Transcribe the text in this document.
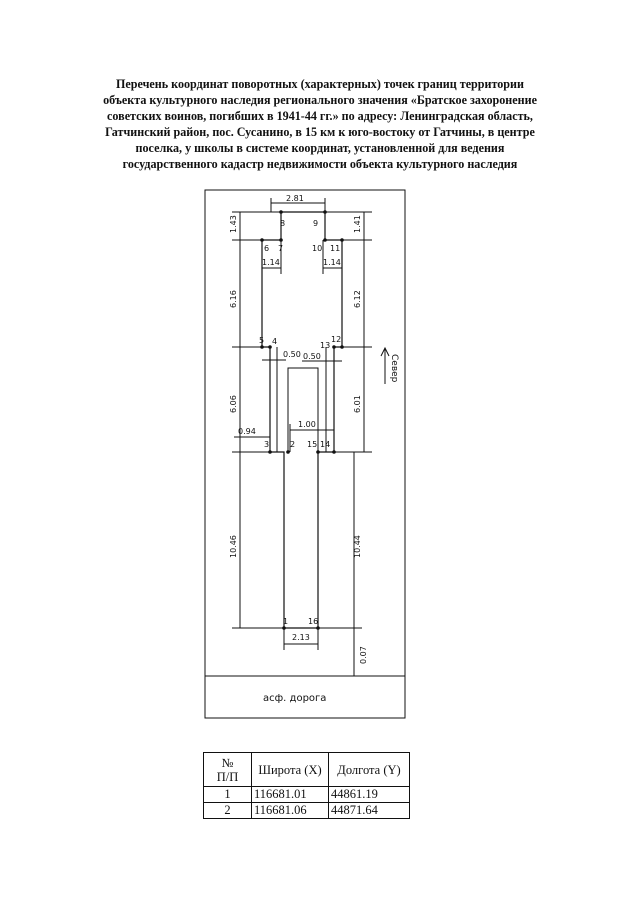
Перечень координат поворотных (характерных) точек границ территории
объекта культурного наследия регионального значения «Братское захоронение
советских воинов, погибших в 1941-44 гг.» по адресу: Ленинградская область,
Гатчинский район, пос. Сусанино, в 15 км к юго-востоку от Гатчины, в центре
поселка, у школы в системе координат, установленной для ведения
государственного кадастр недвижимости объекта культурного наследия
2.81
1.43	1.41
1.14	1.14
6.16	6.12
0.50 0.50
6.06	6.01
0.94
1.00
10.46	10.44
2.13
0.07
1
2
3
4
5
6 7
8	9
10 11
12
13
14
15
16
Север
асф. дорога
№
П/П	Широта (X)	Долгота (Y)
1	116681.01	44861.19
2	116681.06	44871.64
